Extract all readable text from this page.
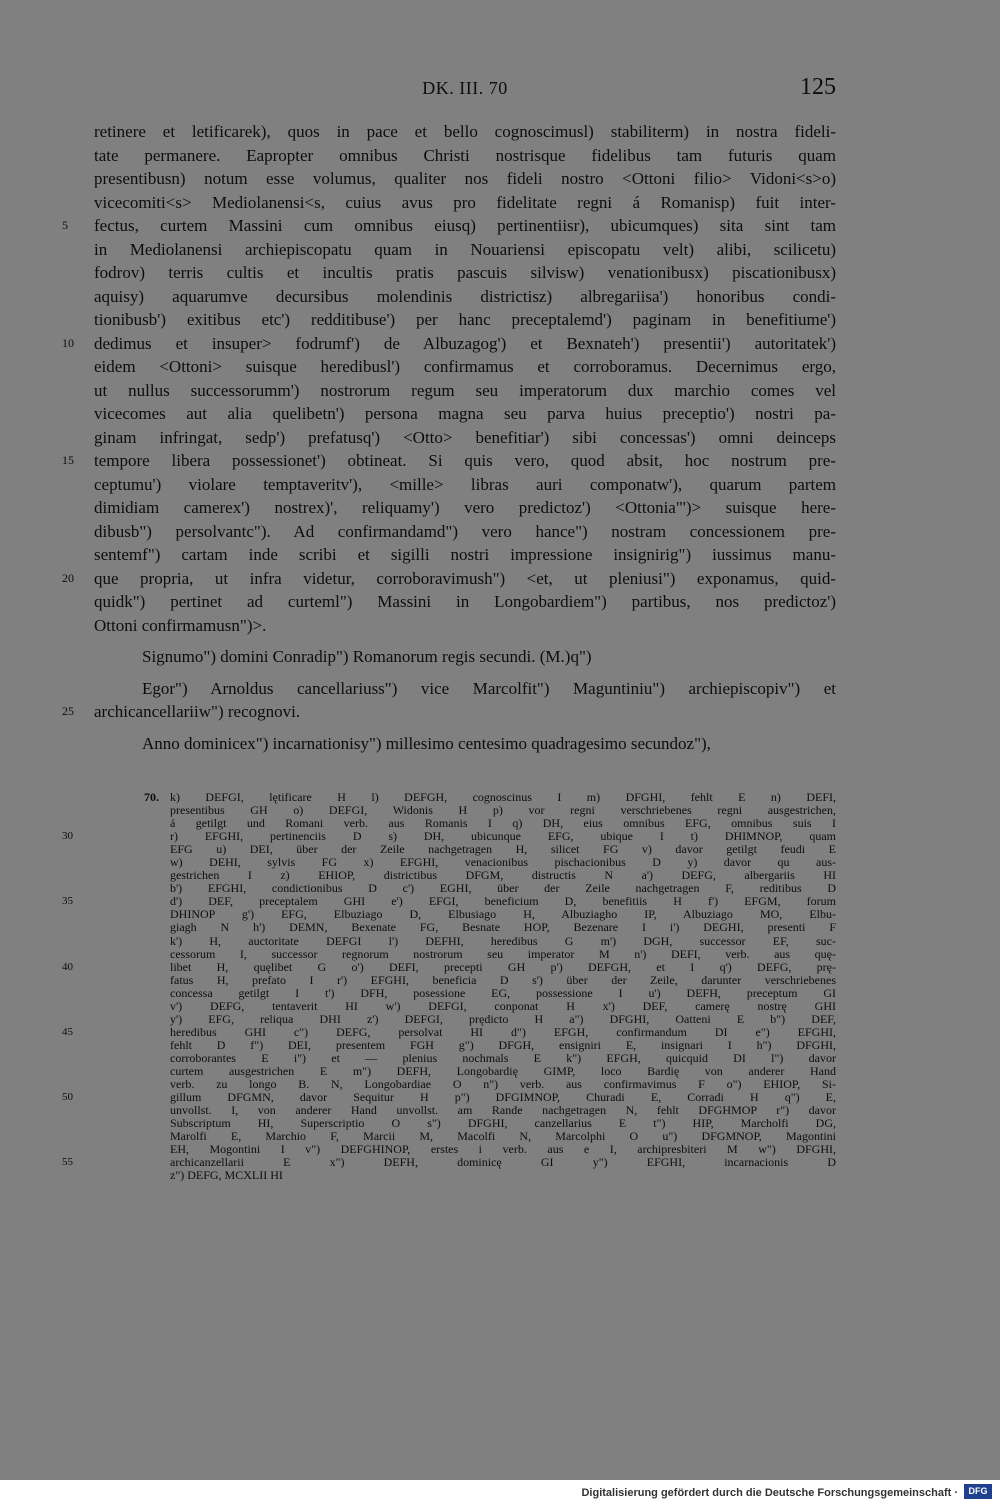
DK. III. 70	125
retinere et letificarek), quos in pace et bello cognoscimusl) stabiliterm) in nostra fideli-
tate permanere. Eapropter omnibus Christi nostrisque fidelibus tam futuris quam
presentibusn) notum esse volumus, qualiter nos fideli nostro <Ottoni filio> Vidoni<s>o)
vicecomiti<s> Mediolanensi<s, cuius avus pro fidelitate regni á Romanisp) fuit inter-
5	fectus, curtem Massini cum omnibus eiusq) pertinentiisr), ubicumques) sita sint tam
in Mediolanensi archiepiscopatu quam in Nouariensi episcopatu velt) alibi, scilicetu)
fodrov) terris cultis et incultis pratis pascuis silvisw) venationibusx) piscationibusx)
aquisy) aquarumve decursibus molendinis districtisz) albregariisa') honoribus condi-
tionibusb') exitibus etc') redditibuse') per hanc preceptalemd') paginam in benefitiume')
10	dedimus et insuper> fodrumf') de Albuzagog') et Bexnateh') presentii') autoritatek')
eidem <Ottoni> suisque heredibusl') confirmamus et corroboramus. Decernimus ergo,
ut nullus successorumm') nostrorum regum seu imperatorum dux marchio comes vel
vicecomes aut alia quelibetn') persona magna seu parva huius preceptio') nostri pa-
ginam infringat, sedp') prefatusq') <Otto> benefitiar') sibi concessas') omni deinceps
15	tempore libera possessionet') obtineat. Si quis vero, quod absit, hoc nostrum pre-
ceptumu') violare temptaveritv'), <mille> libras auri componatw'), quarum partem
dimidiam camerex') nostrex)', reliquamy') vero predictoz') <Ottonia"')> suisque here-
dibusb") persolvantc"). Ad confirmandamd") vero hance") nostram concessionem pre-
sentemf") cartam inde scribi et sigilli nostri impressione insignirig") iussimus manu-
20	que propria, ut infra videtur, corroboravimush") <et, ut pleniusi") exponamus, quid-
quidk") pertinet ad curteml") Massini in Longobardiem") partibus, nos predictoz')
Ottoni confirmamusn")>.
Signumo") domini Conradip") Romanorum regis secundi. (M.)q")
Egor") Arnoldus cancellariuss") vice Marcolfit") Maguntiniu") archiepiscopiv") et
25	archicancellariiw") recognovi.
Anno dominicex") incarnationisy") millesimo centesimo quadragesimo secundoz"),
70. k) DEFGI, lętificare H l) DEFGH, cognoscinus I m) DFGHI, fehlt E n) DEFI,
presentibus GH o) DEFGI, Widonis H p) vor regni verschriebenes regni ausgestrichen,
á getilgt und Romani verb. aus Romanis I q) DH, eius omnibus EFG, omnibus suis I
30	r) EFGHI, pertinenciis D s) DH, ubicunque EFG, ubique I t) DHIMNOP, quam
EFG u) DEI, über der Zeile nachgetragen H, silicet FG v) davor getilgt feudi E
w) DEHI, sylvis FG x) EFGHI, venacionibus pischacionibus D y) davor qu aus-
gestrichen I z) EHIOP, districtibus DFGM, distructis N a') DEFG, albergariis HI
b') EFGHI, condictionibus D c') EGHI, über der Zeile nachgetragen F, reditibus D
35	d') DEF, preceptalem GHI e') EFGI, beneficium D, benefitiis H f') EFGM, forum
DHINOP g') EFG, Elbuziago D, Elbusiago H, Albuziagho IP, Albuziago MO, Elbu-
giagh N h') DEMN, Bexenate FG, Besnate HOP, Bezenare I i') DEGHI, presenti F
k') H, auctoritate DEFGI l') DEFHI, heredibus G m') DGH, successor EF, suc-
cessorum I, successor regnorum nostrorum seu imperator M n') DEFI, verb. aus quę-
40	libet H, quęlibet G o') DEFI, precepti GH p') DEFGH, et I q') DEFG, prę-
fatus H, prefato I r') EFGHI, beneficia D s') über der Zeile, darunter verschriebenes
concessa getilgt I t') DFH, posessione EG, possessione I u') DEFH, preceptum GI
v') DEFG, tentaverit HI w') DEFGI, conponat H x') DEF, camerę nostrę GHI
y') EFG, reliqua DHI z') DEFGI, prędicto H a") DFGHI, Oatteni E b") DEF,
45	heredibus GHI c") DEFG, persolvat HI d") EFGH, confirmandum DI e") EFGHI,
fehlt D f") DEI, presentem FGH g") DFGH, ensigniri E, insignari I h") DFGHI,
corroborantes E i") et — plenius nochmals E k") EFGH, quicquid DI l") davor
curtem ausgestrichen E m") DEFH, Longobardię GIMP, loco Bardię von anderer Hand
verb. zu longo B. N, Longobardiae O n") verb. aus confirmavimus F o") EHIOP, Si-
50	gillum DFGMN, davor Sequitur H p") DFGIMNOP, Churadi E, Corradi H q") E,
unvollst. I, von anderer Hand unvollst. am Rande nachgetragen N, fehlt DFGHMOP r") davor
Subscriptum HI, Superscriptio O s") DFGHI, canzellarius E t") HIP, Marcholfi DG,
Marolfi E, Marchio F, Marcii M, Macolfi N, Marcolphi O u") DFGMNOP, Magontini
EH, Mogontini I v") DEFGHINOP, erstes i verb. aus e I, archipresbiteri M w") DFGHI,
55	archicanzellarii E x") DEFH, dominicę GI y") EFGHI, incarnacionis D
z") DEFG, MCXLII HI
Digitalisierung gefördert durch die Deutsche Forschungsgemeinschaft ·	DFG
